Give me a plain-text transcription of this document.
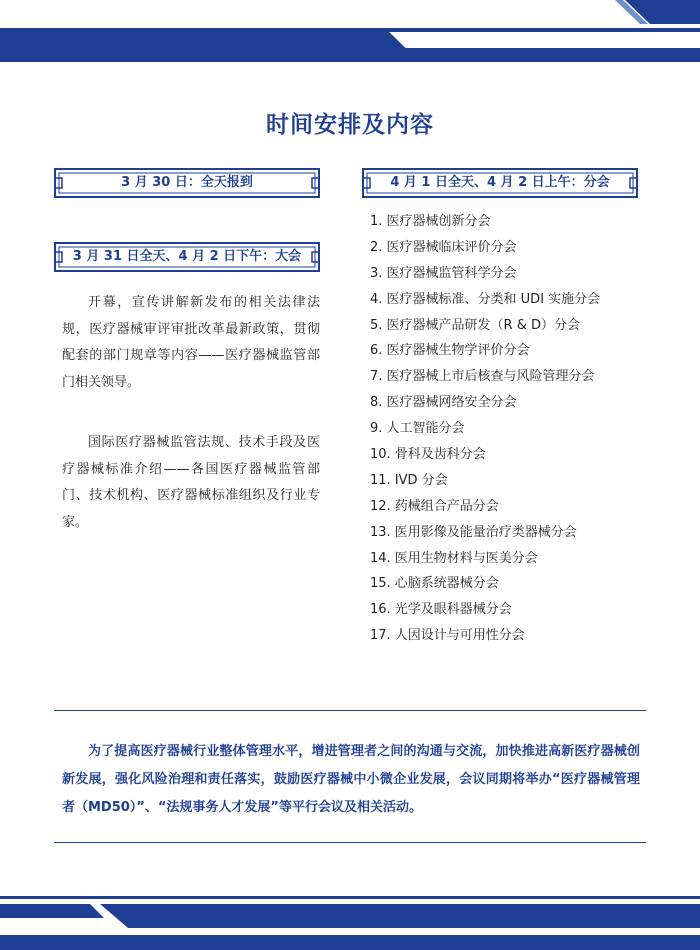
时间安排及内容
3 月 30 日：全天报到
3 月 31 日全天、4 月 2 日下午：大会

开幕，宣传讲解新发布的相关法律法规，医疗器械审评审批改革最新政策，贯彻配套的部门规章等内容——医疗器械监管部门相关领导。

国际医疗器械监管法规、技术手段及医疗器械标准介绍——各国医疗器械监管部门、技术机构、医疗器械标准组织及行业专家。

4 月 1 日全天、4 月 2 日上午：分会
1. 医疗器械创新分会
2. 医疗器械临床评价分会
3. 医疗器械监管科学分会
4. 医疗器械标准、分类和 UDI 实施分会
5. 医疗器械产品研发（R & D）分会
6. 医疗器械生物学评价分会
7. 医疗器械上市后核查与风险管理分会
8. 医疗器械网络安全分会
9. 人工智能分会
10. 骨科及齿科分会
11. IVD 分会
12. 药械组合产品分会
13. 医用影像及能量治疗类器械分会
14. 医用生物材料与医美分会
15. 心脑系统器械分会
16. 光学及眼科器械分会
17. 人因设计与可用性分会

为了提高医疗器械行业整体管理水平，增进管理者之间的沟通与交流，加快推进高新医疗器械创新发展，强化风险治理和责任落实，鼓励医疗器械中小微企业发展，会议同期将举办“医疗器械管理者（MD50）”、“法规事务人才发展”等平行会议及相关活动。
